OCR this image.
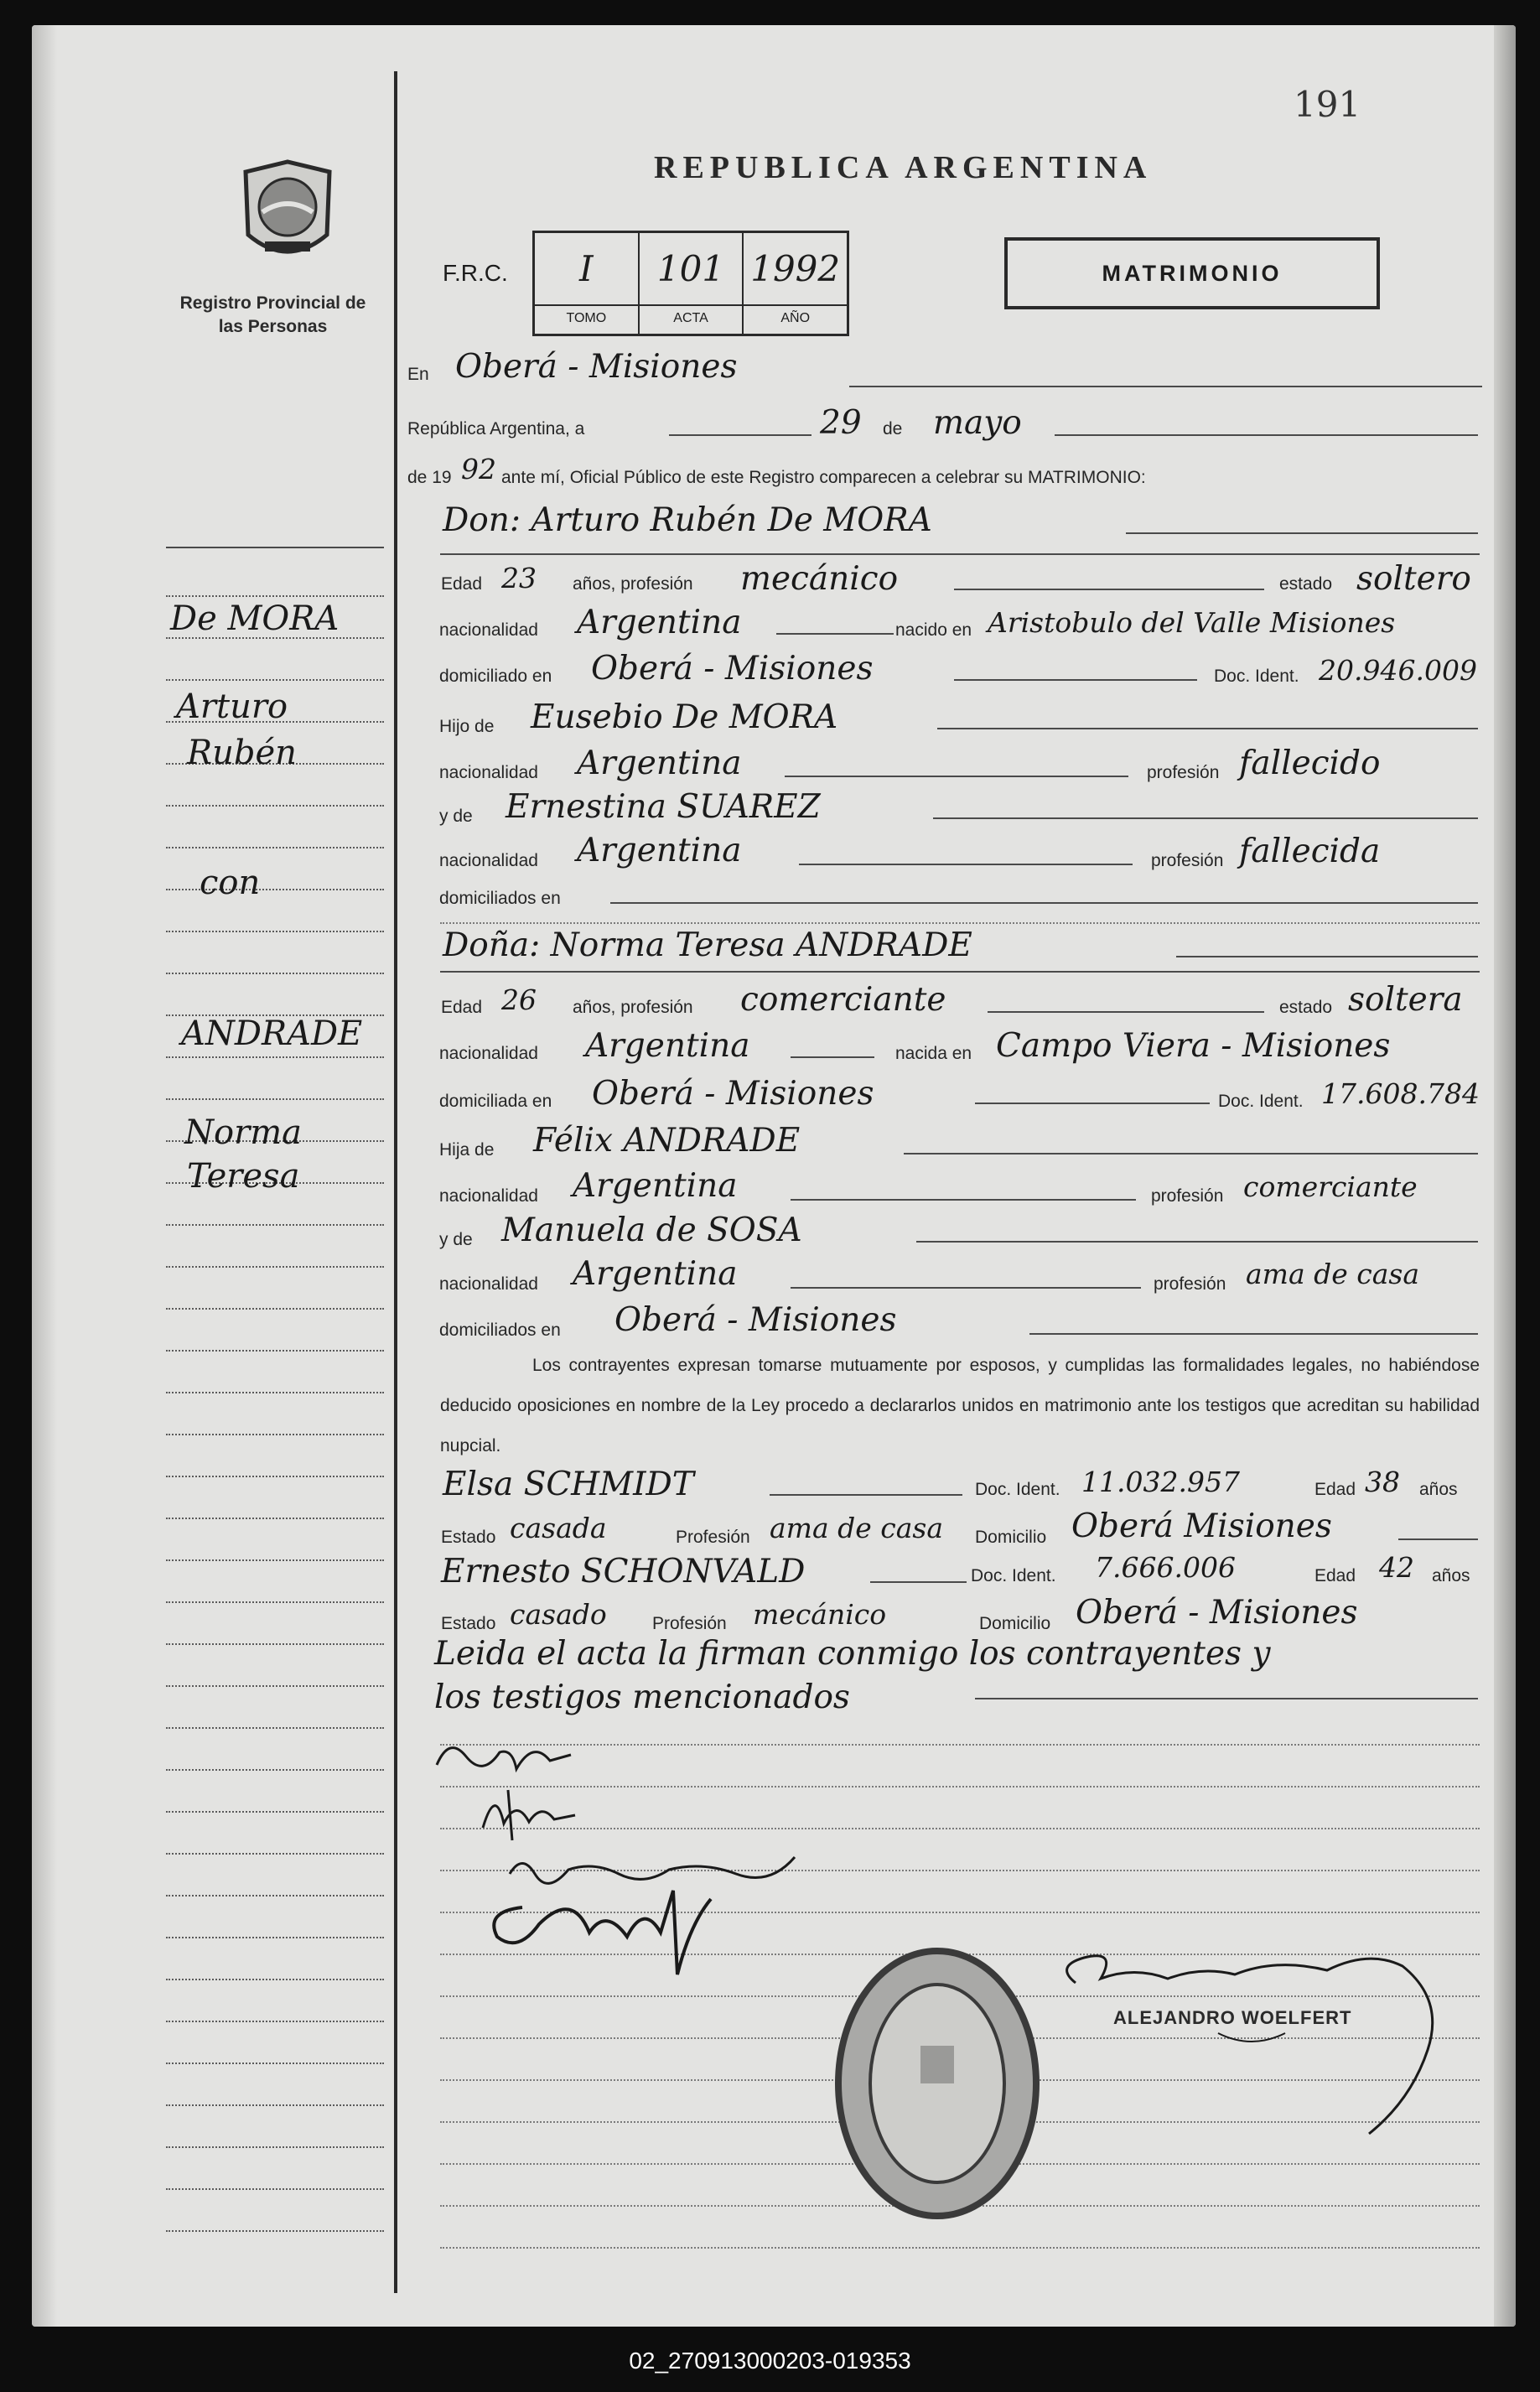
191
REPUBLICA ARGENTINA
Registro Provincial de las Personas
F.R.C.	I
TOMO
101
ACTA
1992
AÑO
MATRIMONIO
De MORA
Arturo
Rubén
con
ANDRADE
Norma
Teresa
En Oberá - Misiones
República Argentina, a	29 de mayo
de 19 92 ante mí, Oficial Público de este Registro comparecen a celebrar su MATRIMONIO:
Don: Arturo Rubén De MORA
Edad 23 años, profesión mecánico	estado soltero
nacionalidad Argentina	nacido en Aristobulo del Valle Misiones
domiciliado en Oberá - Misiones	Doc. Ident. 20.946.009
Hijo de Eusebio De MORA
nacionalidad Argentina	profesión fallecido
y de Ernestina SUAREZ
nacionalidad Argentina	profesión fallecida
domiciliados en
Doña: Norma Teresa ANDRADE
Edad 26 años, profesión comerciante	estado soltera
nacionalidad Argentina	nacida en Campo Viera - Misiones
domiciliada en Oberá - Misiones	Doc. Ident. 17.608.784
Hija de Félix ANDRADE
nacionalidad Argentina	profesión comerciante
y de Manuela de SOSA
nacionalidad Argentina	profesión ama de casa
domiciliados en Oberá - Misiones
Los contrayentes expresan tomarse mutuamente por esposos, y cumplidas las formalidades legales, no habiéndose deducido oposiciones en nombre de la Ley procedo a declararlos unidos en matrimonio ante los testigos que acreditan su habilidad nupcial.
Elsa SCHMIDT	Doc. Ident. 11.032.957	Edad 38 años
Estado casada	Profesión ama de casa Domicilio Oberá Misiones
Ernesto SCHONVALD	Doc. Ident. 7.666.006	Edad 42 años
Estado casado	Profesión mecánico	Domicilio Oberá - Misiones
Leida el acta la firman conmigo los contrayentes y
los testigos mencionados
ALEJANDRO WOELFERT
02_270913000203-019353
